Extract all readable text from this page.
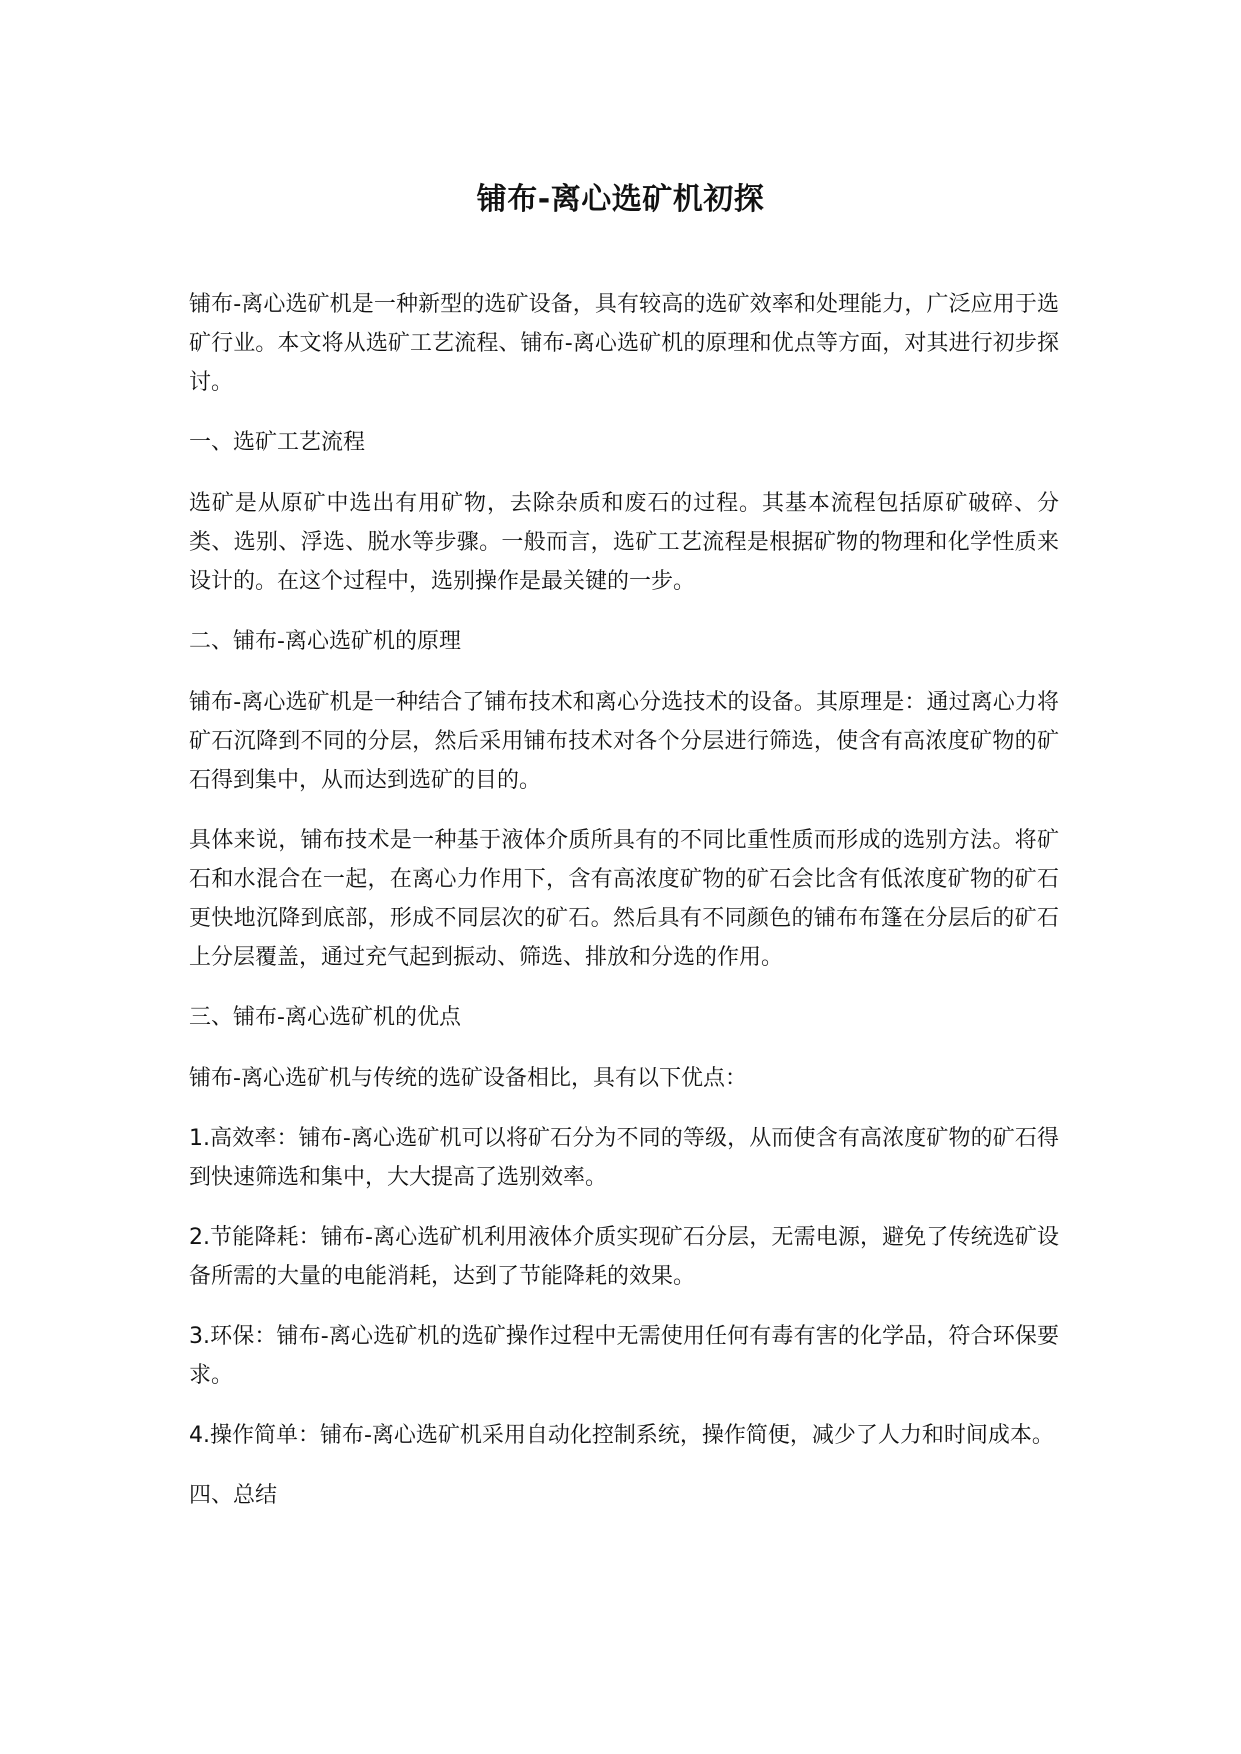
铺布-离心选矿机初探

铺布-离心选矿机是一种新型的选矿设备，具有较高的选矿效率和处理能力，广泛应用于选矿行业。本文将从选矿工艺流程、铺布-离心选矿机的原理和优点等方面，对其进行初步探讨。

一、选矿工艺流程

选矿是从原矿中选出有用矿物，去除杂质和废石的过程。其基本流程包括原矿破碎、分类、选别、浮选、脱水等步骤。一般而言，选矿工艺流程是根据矿物的物理和化学性质来设计的。在这个过程中，选别操作是最关键的一步。

二、铺布-离心选矿机的原理

铺布-离心选矿机是一种结合了铺布技术和离心分选技术的设备。其原理是：通过离心力将矿石沉降到不同的分层，然后采用铺布技术对各个分层进行筛选，使含有高浓度矿物的矿石得到集中，从而达到选矿的目的。

具体来说，铺布技术是一种基于液体介质所具有的不同比重性质而形成的选别方法。将矿石和水混合在一起，在离心力作用下，含有高浓度矿物的矿石会比含有低浓度矿物的矿石更快地沉降到底部，形成不同层次的矿石。然后具有不同颜色的铺布布篷在分层后的矿石上分层覆盖，通过充气起到振动、筛选、排放和分选的作用。

三、铺布-离心选矿机的优点

铺布-离心选矿机与传统的选矿设备相比，具有以下优点：

1.高效率：铺布-离心选矿机可以将矿石分为不同的等级，从而使含有高浓度矿物的矿石得到快速筛选和集中，大大提高了选别效率。

2.节能降耗：铺布-离心选矿机利用液体介质实现矿石分层，无需电源，避免了传统选矿设备所需的大量的电能消耗，达到了节能降耗的效果。

3.环保：铺布-离心选矿机的选矿操作过程中无需使用任何有毒有害的化学品，符合环保要求。

4.操作简单：铺布-离心选矿机采用自动化控制系统，操作简便，减少了人力和时间成本。

四、总结
